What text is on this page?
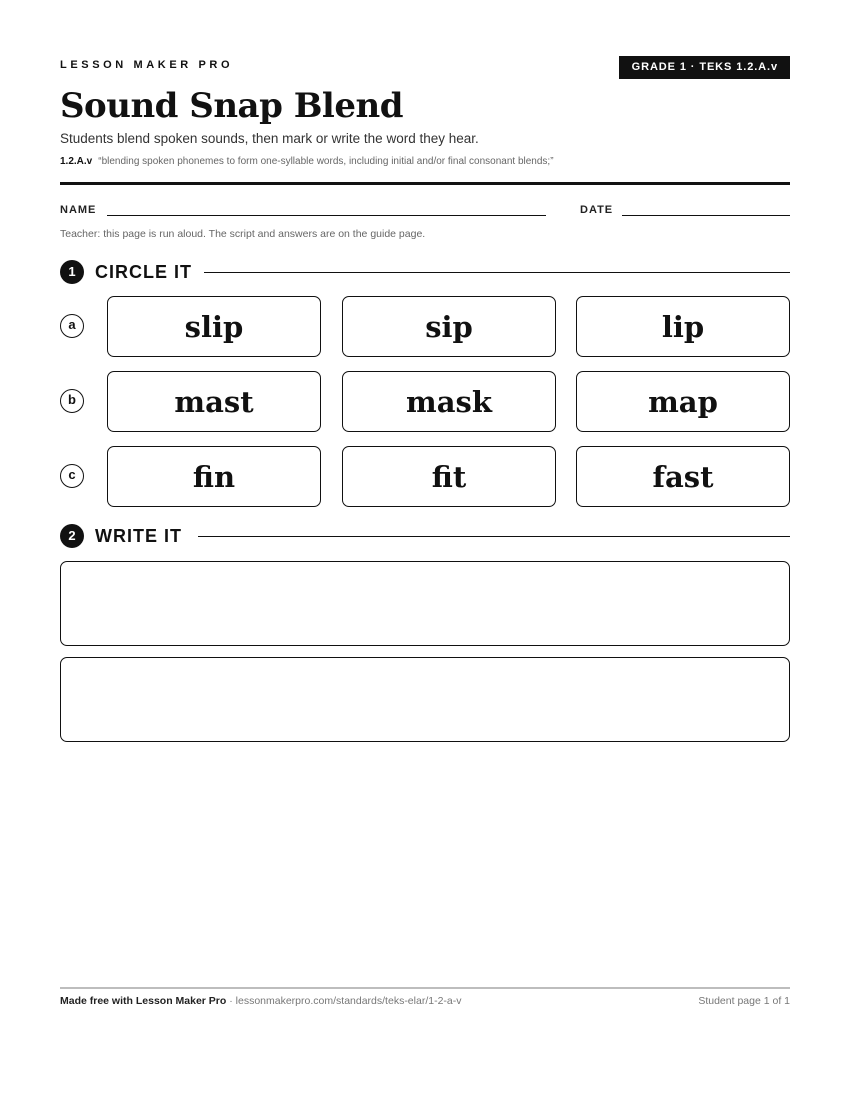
LESSON MAKER PRO	GRADE 1 · TEKS 1.2.A.v
Sound Snap Blend
Students blend spoken sounds, then mark or write the word they hear.
1.2.A.v “blending spoken phonemes to form one-syllable words, including initial and/or final consonant blends;”
NAME	DATE
Teacher: this page is run aloud. The script and answers are on the guide page.
1	CIRCLE IT
a	slip	sip	lip
b	mast	mask	map
c	fin	fit	fast
2	WRITE IT
Made free with Lesson Maker Pro · lessonmakerpro.com/standards/teks-elar/1-2-a-v	Student page 1 of 1
